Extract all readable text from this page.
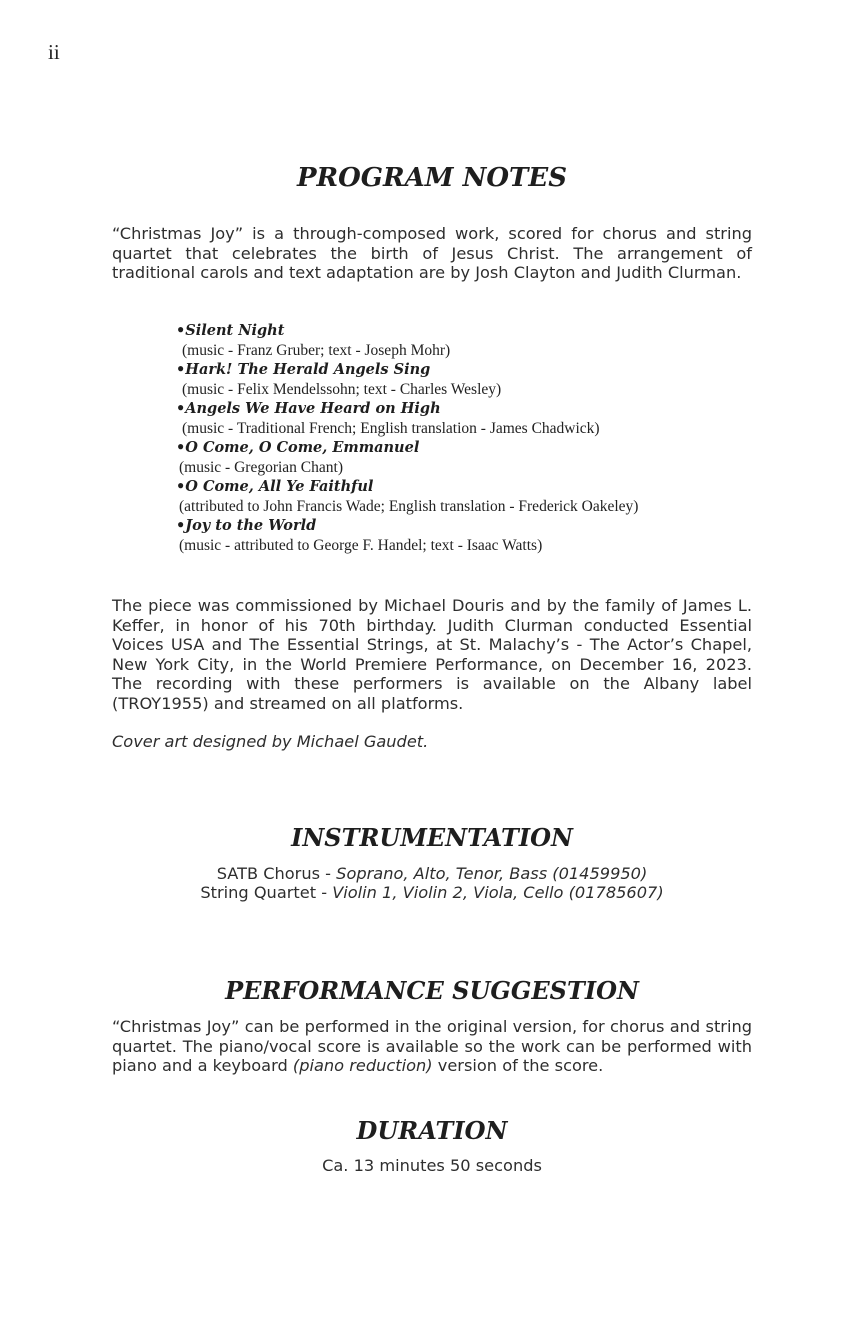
ii
PROGRAM NOTES

“Christmas Joy” is a through-composed work, scored for chorus and string quartet that celebrates the birth of Jesus Christ. The arrangement of traditional carols and text adaptation are by Josh Clayton and Judith Clurman.

•Silent Night
(music - Franz Gruber; text - Joseph Mohr)
•Hark! The Herald Angels Sing
(music - Felix Mendelssohn; text - Charles Wesley)
•Angels We Have Heard on High
(music - Traditional French; English translation - James Chadwick)
•O Come, O Come, Emmanuel
(music - Gregorian Chant)
•O Come, All Ye Faithful
(attributed to John Francis Wade; English translation - Frederick Oakeley)
•Joy to the World
(music - attributed to George F. Handel; text - Isaac Watts)

The piece was commissioned by Michael Douris and by the family of James L. Keffer, in honor of his 70th birthday. Judith Clurman conducted Essential Voices USA and The Essential Strings, at St. Malachy’s - The Actor’s Chapel, New York City, in the World Premiere Performance, on December 16, 2023. The recording with these performers is available on the Albany label (TROY1955) and streamed on all platforms.

Cover art designed by Michael Gaudet.

INSTRUMENTATION

SATB Chorus - Soprano, Alto, Tenor, Bass (01459950)

String Quartet - Violin 1, Violin 2, Viola, Cello (01785607)

PERFORMANCE SUGGESTION

“Christmas Joy” can be performed in the original version, for chorus and string quartet. The piano/vocal score is available so the work can be performed with piano and a keyboard (piano reduction) version of the score.

DURATION

Ca. 13 minutes 50 seconds
